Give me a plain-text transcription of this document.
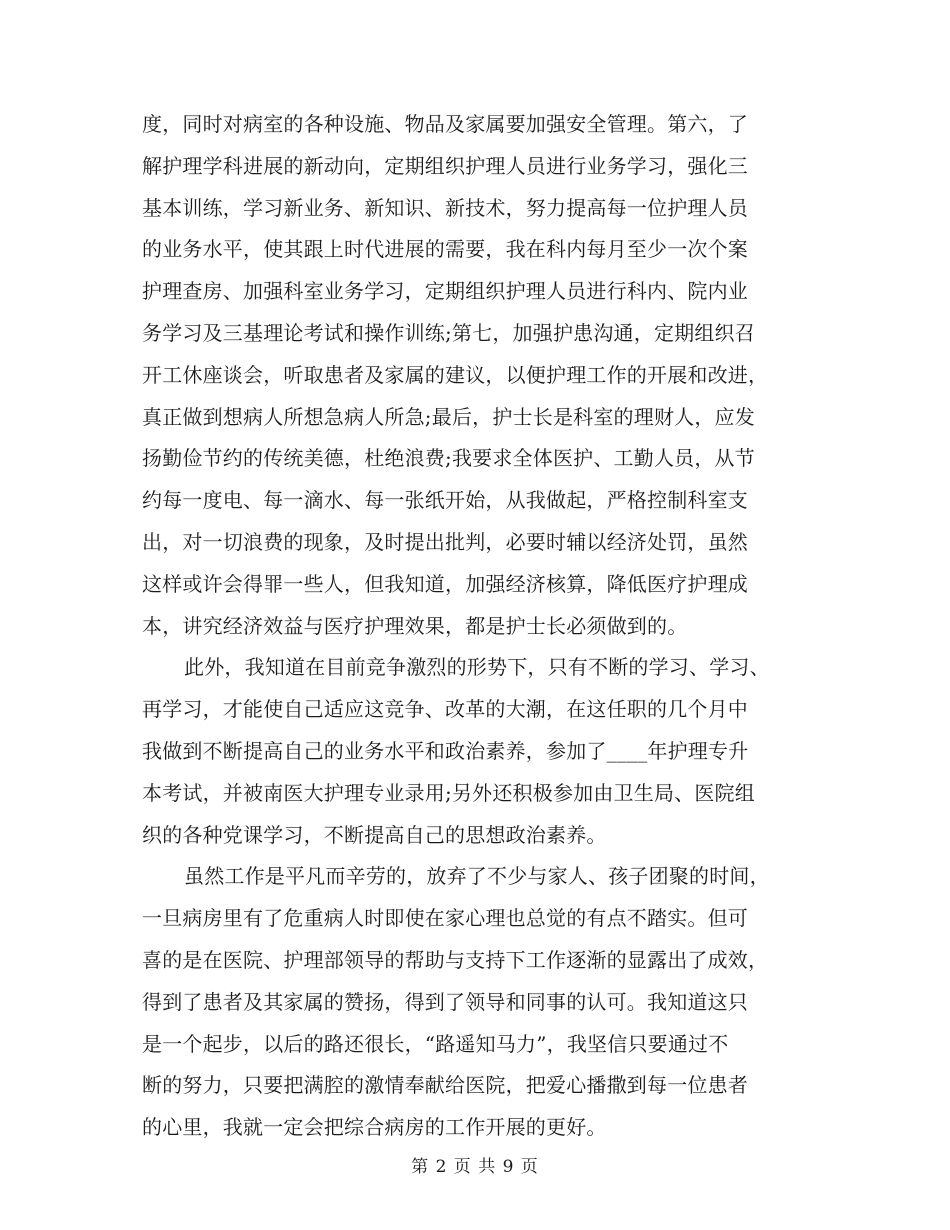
度，同时对病室的各种设施、物品及家属要加强安全管理。第六，了
解护理学科进展的新动向，定期组织护理人员进行业务学习，强化三
基本训练，学习新业务、新知识、新技术，努力提高每一位护理人员
的业务水平，使其跟上时代进展的需要，我在科内每月至少一次个案
护理查房、加强科室业务学习，定期组织护理人员进行科内、院内业
务学习及三基理论考试和操作训练;第七，加强护患沟通，定期组织召
开工休座谈会，听取患者及家属的建议，以便护理工作的开展和改进，
真正做到想病人所想急病人所急;最后，护士长是科室的理财人，应发
扬勤俭节约的传统美德，杜绝浪费;我要求全体医护、工勤人员，从节
约每一度电、每一滴水、每一张纸开始，从我做起，严格控制科室支
出，对一切浪费的现象，及时提出批判，必要时辅以经济处罚，虽然
这样或许会得罪一些人，但我知道，加强经济核算，降低医疗护理成
本，讲究经济效益与医疗护理效果，都是护士长必须做到的。
此外，我知道在目前竞争激烈的形势下，只有不断的学习、学习、
再学习，才能使自己适应这竞争、改革的大潮，在这任职的几个月中
我做到不断提高自己的业务水平和政治素养，参加了____年护理专升
本考试，并被南医大护理专业录用;另外还积极参加由卫生局、医院组
织的各种党课学习，不断提高自己的思想政治素养。
虽然工作是平凡而辛劳的，放弃了不少与家人、孩子团聚的时间，
一旦病房里有了危重病人时即使在家心理也总觉的有点不踏实。但可
喜的是在医院、护理部领导的帮助与支持下工作逐渐的显露出了成效，
得到了患者及其家属的赞扬，得到了领导和同事的认可。我知道这只
是一个起步，以后的路还很长，“路遥知马力”，我坚信只要通过不
断的努力，只要把满腔的激情奉献给医院，把爱心播撒到每一位患者
的心里，我就一定会把综合病房的工作开展的更好。
第 2 页 共 9 页
